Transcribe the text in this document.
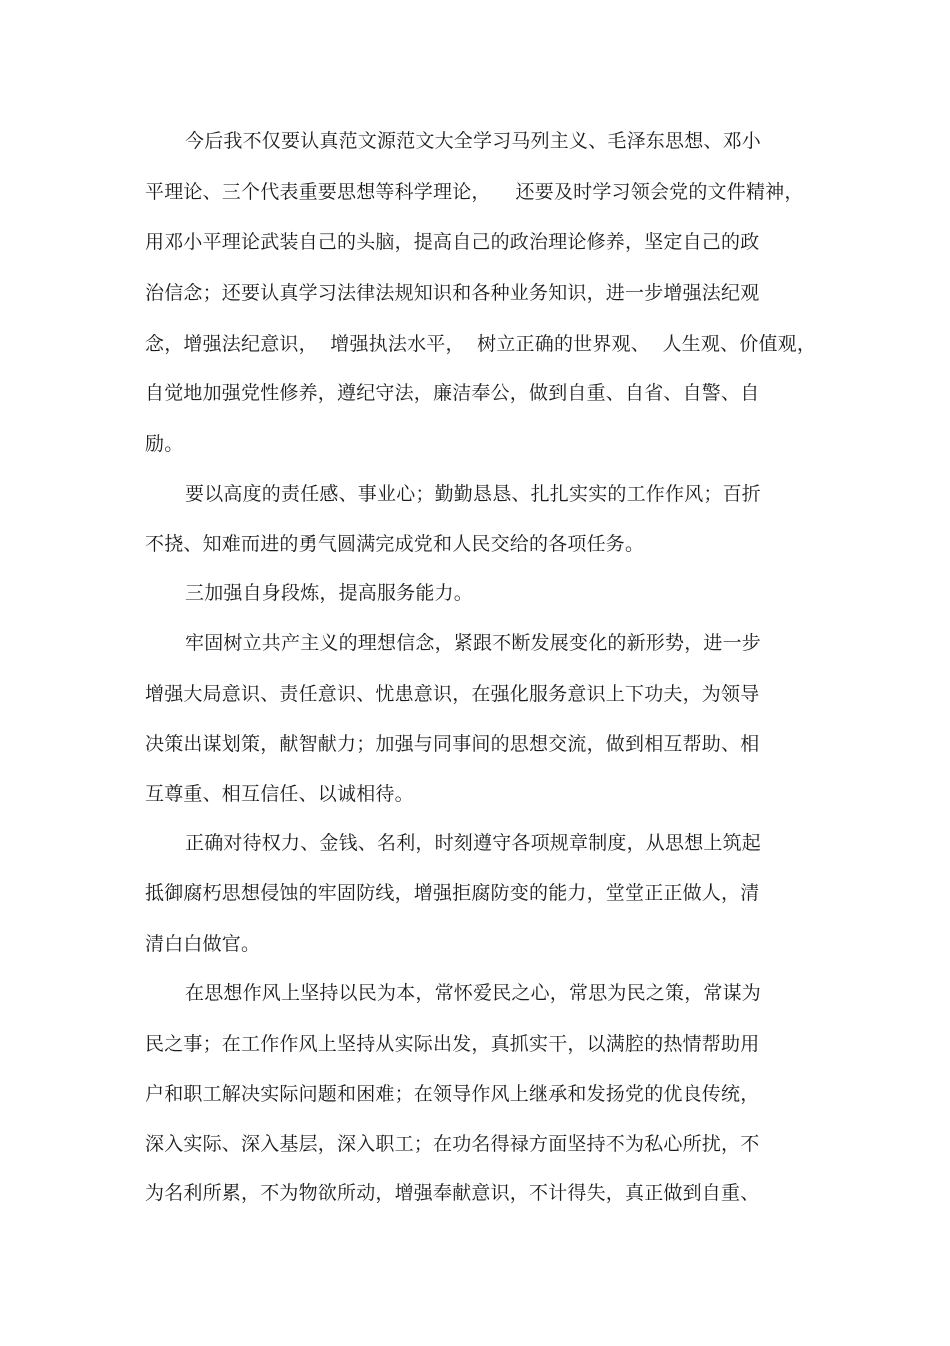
今后我不仅要认真范文源范文大全学习马列主义、毛泽东思想、邓小

平理论、三个代表重要思想等科学理论，    还要及时学习领会党的文件精神，

用邓小平理论武装自己的头脑，提高自己的政治理论修养，坚定自己的政

治信念；还要认真学习法律法规知识和各种业务知识，进一步增强法纪观

念，增强法纪意识，  增强执法水平，  树立正确的世界观、  人生观、价值观，

自觉地加强党性修养，遵纪守法，廉洁奉公，做到自重、自省、自警、自

励。

要以高度的责任感、事业心；勤勤恳恳、扎扎实实的工作作风；百折

不挠、知难而进的勇气圆满完成党和人民交给的各项任务。

三加强自身段炼，提高服务能力。

牢固树立共产主义的理想信念，紧跟不断发展变化的新形势，进一步

增强大局意识、责任意识、忧患意识，在强化服务意识上下功夫，为领导

决策出谋划策，献智献力；加强与同事间的思想交流，做到相互帮助、相

互尊重、相互信任、以诚相待。

正确对待权力、金钱、名利，时刻遵守各项规章制度，从思想上筑起

抵御腐朽思想侵蚀的牢固防线，增强拒腐防变的能力，堂堂正正做人，清

清白白做官。

在思想作风上坚持以民为本，常怀爱民之心，常思为民之策，常谋为

民之事；在工作作风上坚持从实际出发，真抓实干，以满腔的热情帮助用

户和职工解决实际问题和困难；在领导作风上继承和发扬党的优良传统，

深入实际、深入基层，深入职工；在功名得禄方面坚持不为私心所扰，不

为名利所累，不为物欲所动，增强奉献意识，不计得失，真正做到自重、
